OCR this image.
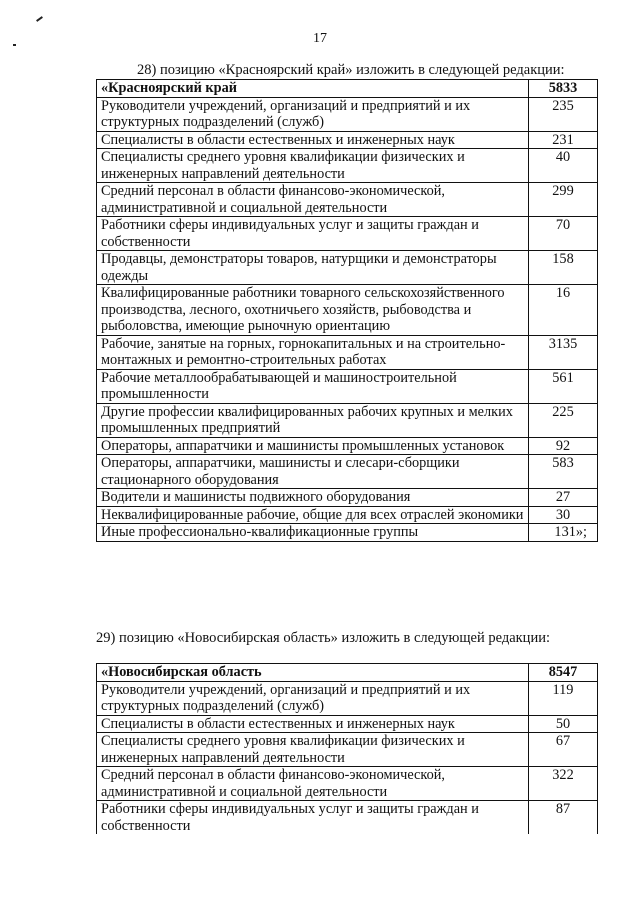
17
28) позицию «Красноярский край» изложить в следующей редакции:
«Красноярский край	5833
Руководители учреждений, организаций и предприятий и их структурных подразделений (служб)	235
Специалисты в области естественных и инженерных наук	231
Специалисты среднего уровня квалификации физических и инженерных направлений деятельности	40
Средний персонал в области финансово-экономической, административной и социальной деятельности	299
Работники сферы индивидуальных услуг и защиты граждан и собственности	70
Продавцы, демонстраторы товаров, натурщики и демонстраторы одежды	158
Квалифицированные работники товарного сельскохозяйственного производства, лесного, охотничьего хозяйств, рыбоводства и рыболовства, имеющие рыночную ориентацию	16
Рабочие, занятые на горных, горнокапитальных и на строительно-монтажных и ремонтно-строительных работах	3135
Рабочие металлообрабатывающей и машиностроительной промышленности	561
Другие профессии квалифицированных рабочих крупных и мелких промышленных предприятий	225
Операторы, аппаратчики и машинисты промышленных установок	92
Операторы, аппаратчики, машинисты и слесари-сборщики стационарного оборудования	583
Водители и машинисты подвижного оборудования	27
Неквалифицированные рабочие, общие для всех отраслей экономики	30
Иные профессионально-квалификационные группы	131»;
29) позицию «Новосибирская область» изложить в следующей редакции:
«Новосибирская область	8547
Руководители учреждений, организаций и предприятий и их структурных подразделений (служб)	119
Специалисты в области естественных и инженерных наук	50
Специалисты среднего уровня квалификации физических и инженерных направлений деятельности	67
Средний персонал в области финансово-экономической, административной и социальной деятельности	322
Работники сферы индивидуальных услуг и защиты граждан и собственности	87
